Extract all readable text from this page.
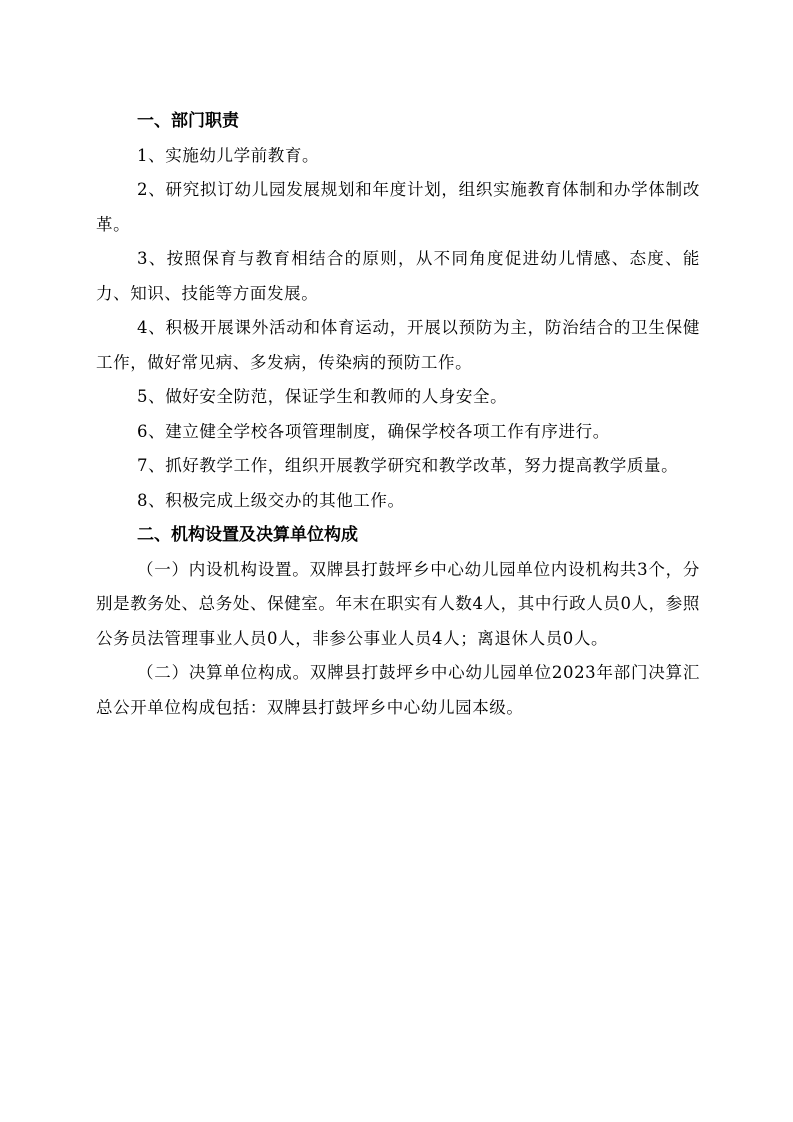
一、部门职责

1、实施幼儿学前教育。

2、研究拟订幼儿园发展规划和年度计划，组织实施教育体制和办学体制改革。

3、按照保育与教育相结合的原则，从不同角度促进幼儿情感、态度、能力、知识、技能等方面发展。

4、积极开展课外活动和体育运动，开展以预防为主，防治结合的卫生保健工作，做好常见病、多发病，传染病的预防工作。

5、做好安全防范，保证学生和教师的人身安全。

6、建立健全学校各项管理制度，确保学校各项工作有序进行。

7、抓好教学工作，组织开展教学研究和教学改革，努力提高教学质量。

8、积极完成上级交办的其他工作。

二、机构设置及决算单位构成

（一）内设机构设置。双牌县打鼓坪乡中心幼儿园单位内设机构共3个，分别是教务处、总务处、保健室。年末在职实有人数4人，其中行政人员0人，参照公务员法管理事业人员0人，非参公事业人员4人；离退休人员0人。

（二）决算单位构成。双牌县打鼓坪乡中心幼儿园单位2023年部门决算汇总公开单位构成包括：双牌县打鼓坪乡中心幼儿园本级。
